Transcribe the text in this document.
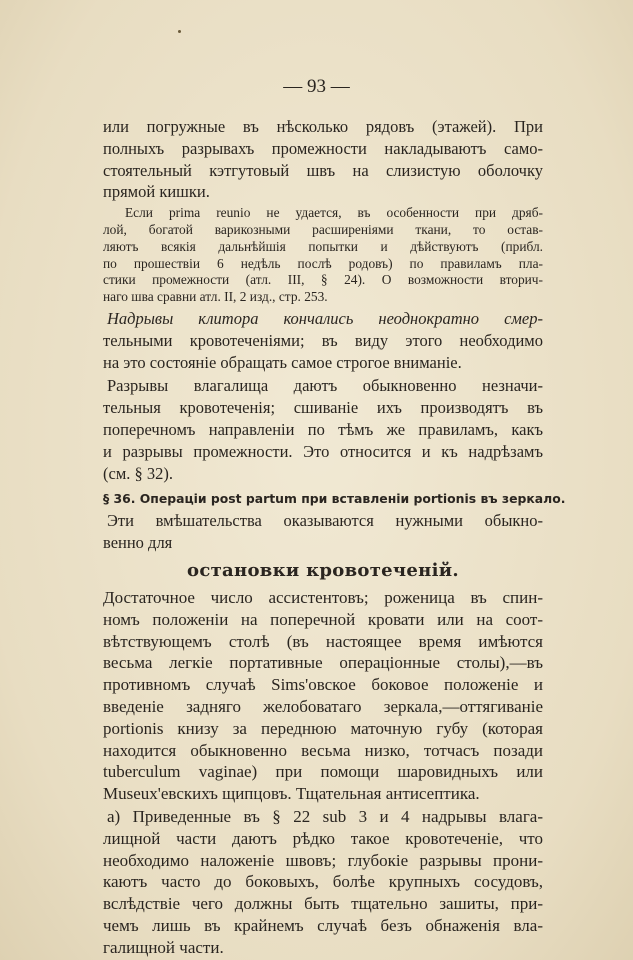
— 93 —
или погружные въ нѣсколько рядовъ (этажей). При
полныхъ разрывахъ промежности накладываютъ само-
стоятельный кэтгутовый швъ на слизистую оболочку
прямой кишки.
Если prima reunio не удается, въ особенности при дряб-
лой, богатой варикозными расширеніями ткани, то остав-
ляютъ всякія дальнѣйшія попытки и дѣйствуютъ (прибл.
по прошествіи 6 недѣль послѣ родовъ) по правиламъ пла-
стики промежности (атл. III, § 24). О возможности вторич-
наго шва сравни атл. II, 2 изд., стр. 253.
Надрывы клитора кончались неоднократно смер-
тельными кровотеченіями; въ виду этого необходимо
на это состояніе обращать самое строгое вниманіе.
Разрывы влагалища даютъ обыкновенно незначи-
тельныя кровотеченія; сшиваніе ихъ производятъ въ
поперечномъ направленіи по тѣмъ же правиламъ, какъ
и разрывы промежности. Это относится и къ надрѣзамъ
(см. § 32).
§ 36. Операціи post partum при вставленіи portionis въ зеркало.
Эти вмѣшательства оказываются нужными обыкно-
венно для
остановки кровотеченій.
Достаточное число ассистентовъ; роженица въ спин-
номъ положеніи на поперечной кровати или на соот-
вѣтствующемъ столѣ (въ настоящее время имѣются
весьма легкіе портативные операціонные столы),—въ
противномъ случаѣ Sims'овское боковое положеніе и
введеніе задняго желобоватаго зеркала,—оттягиваніе
portionis книзу за переднюю маточную губу (которая
находится обыкновенно весьма низко, тотчасъ позади
tuberculum vaginae) при помощи шаровидныхъ или
Museux'евскихъ щипцовъ. Тщательная антисептика.
а) Приведенные въ § 22 sub 3 и 4 надрывы влага-
лищной части даютъ рѣдко такое кровотеченіе, что
необходимо наложеніе швовъ; глубокіе разрывы прони-
каютъ часто до боковыхъ, болѣе крупныхъ сосудовъ,
вслѣдствіе чего должны быть тщательно зашиты, при-
чемъ лишь въ крайнемъ случаѣ безъ обнаженія вла-
галищной части.
